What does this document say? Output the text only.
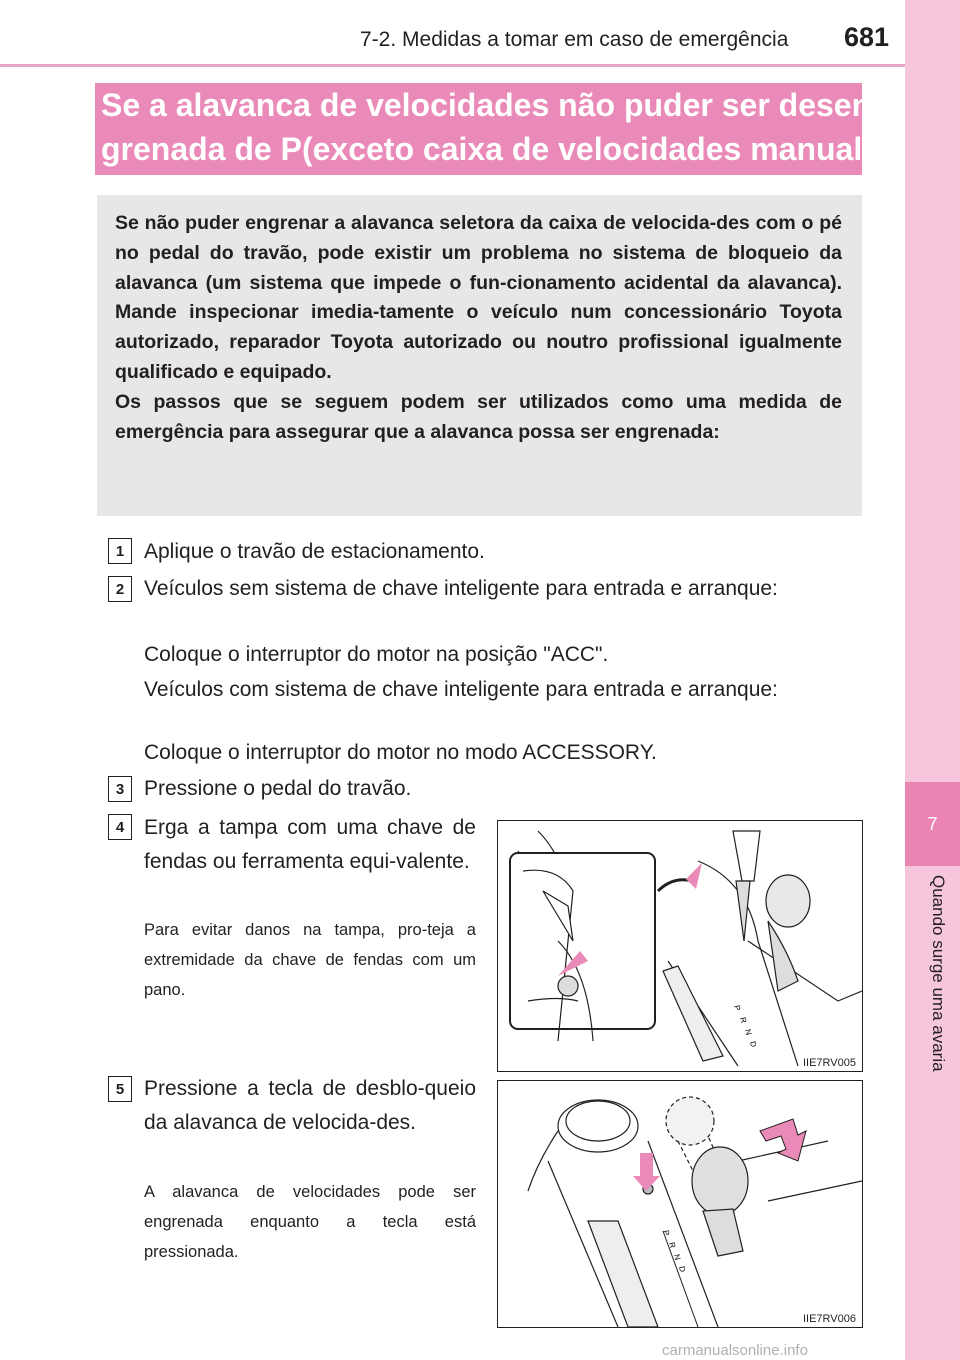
7-2. Medidas a tomar em caso de emergência 681
7
Quando surge uma avaria
Se a alavanca de velocidades não puder ser desen-
grenada de P(exceto caixa de velocidades manual)

Se não puder engrenar a alavanca seletora da caixa de velocida-des com o pé no pedal do travão, pode existir um problema no sistema de bloqueio da alavanca (um sistema que impede o fun-cionamento acidental da alavanca). Mande inspecionar imedia-tamente o veículo num concessionário Toyota autorizado, reparador Toyota autorizado ou noutro profissional igualmente qualificado e equipado.

Os passos que se seguem podem ser utilizados como uma medida de emergência para assegurar que a alavanca possa ser engrenada:

1 Aplique o travão de estacionamento.
2 Veículos sem sistema de chave inteligente para entrada e arranque:
Coloque o interruptor do motor na posição "ACC".
Veículos com sistema de chave inteligente para entrada e arranque:
Coloque o interruptor do motor no modo ACCESSORY.
3 Pressione o pedal do travão.
4 Erga a tampa com uma chave de fendas ou ferramenta equi-valente.
Para evitar danos na tampa, pro-teja a extremidade da chave de fendas com um pano.
5 Pressione a tecla de desblo-queio da alavanca de velocida-des.
A alavanca de velocidades pode ser engrenada enquanto a tecla está pressionada.
P
R
N
D
IIE7RV005
P
R
N
D
IIE7RV006
carmanualsonline.info
